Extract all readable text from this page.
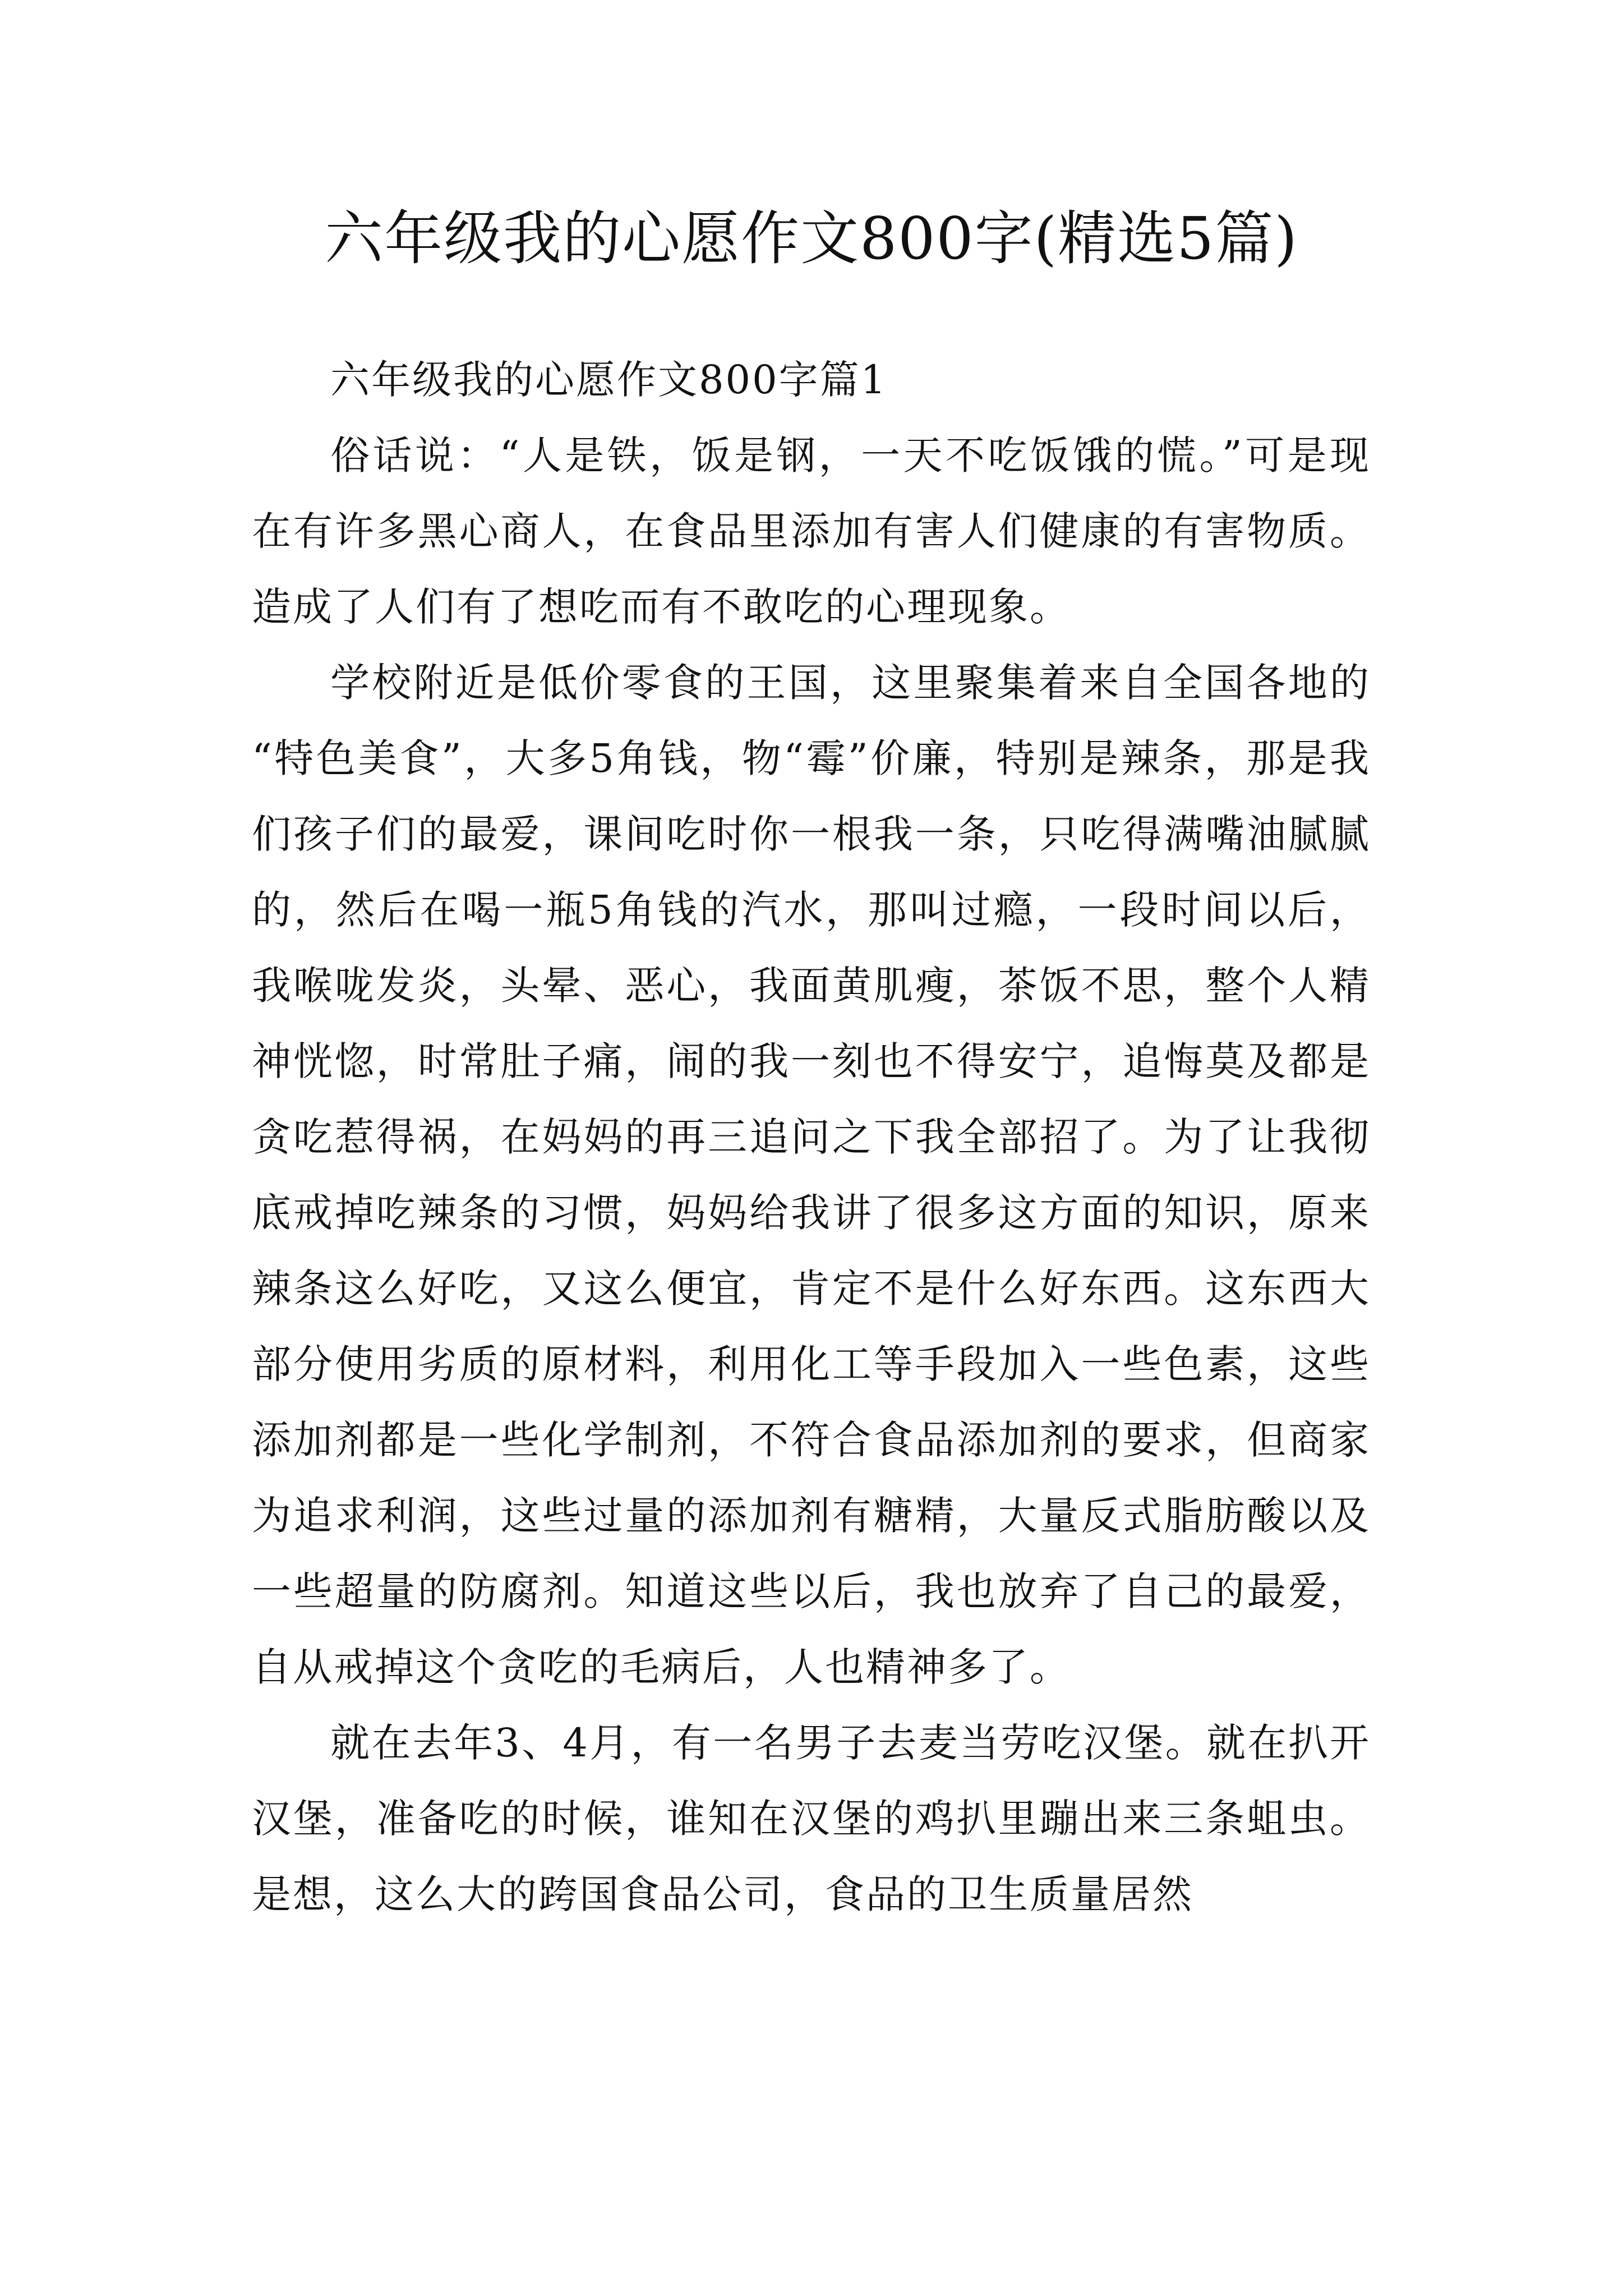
六年级我的心愿作文800字(精选5篇)

六年级我的心愿作文800字篇1

俗话说：“人是铁，饭是钢，一天不吃饭饿的慌。”可是现在有许多黑心商人，在食品里添加有害人们健康的有害物质。造成了人们有了想吃而有不敢吃的心理现象。

学校附近是低价零食的王国，这里聚集着来自全国各地的“特色美食”，大多5角钱，物“霉”价廉，特别是辣条，那是我们孩子们的最爱，课间吃时你一根我一条，只吃得满嘴油腻腻的，然后在喝一瓶5角钱的汽水，那叫过瘾，一段时间以后，我喉咙发炎，头晕、恶心，我面黄肌瘦，茶饭不思，整个人精神恍惚，时常肚子痛，闹的我一刻也不得安宁，追悔莫及都是贪吃惹得祸，在妈妈的再三追问之下我全部招了。为了让我彻底戒掉吃辣条的习惯，妈妈给我讲了很多这方面的知识，原来辣条这么好吃，又这么便宜，肯定不是什么好东西。这东西大部分使用劣质的原材料，利用化工等手段加入一些色素，这些添加剂都是一些化学制剂，不符合食品添加剂的要求，但商家为追求利润，这些过量的添加剂有糖精，大量反式脂肪酸以及一些超量的防腐剂。知道这些以后，我也放弃了自己的最爱，自从戒掉这个贪吃的毛病后，人也精神多了。

就在去年3、4月，有一名男子去麦当劳吃汉堡。就在扒开汉堡，准备吃的时候，谁知在汉堡的鸡扒里蹦出来三条蛆虫。是想，这么大的跨国食品公司，食品的卫生质量居然
